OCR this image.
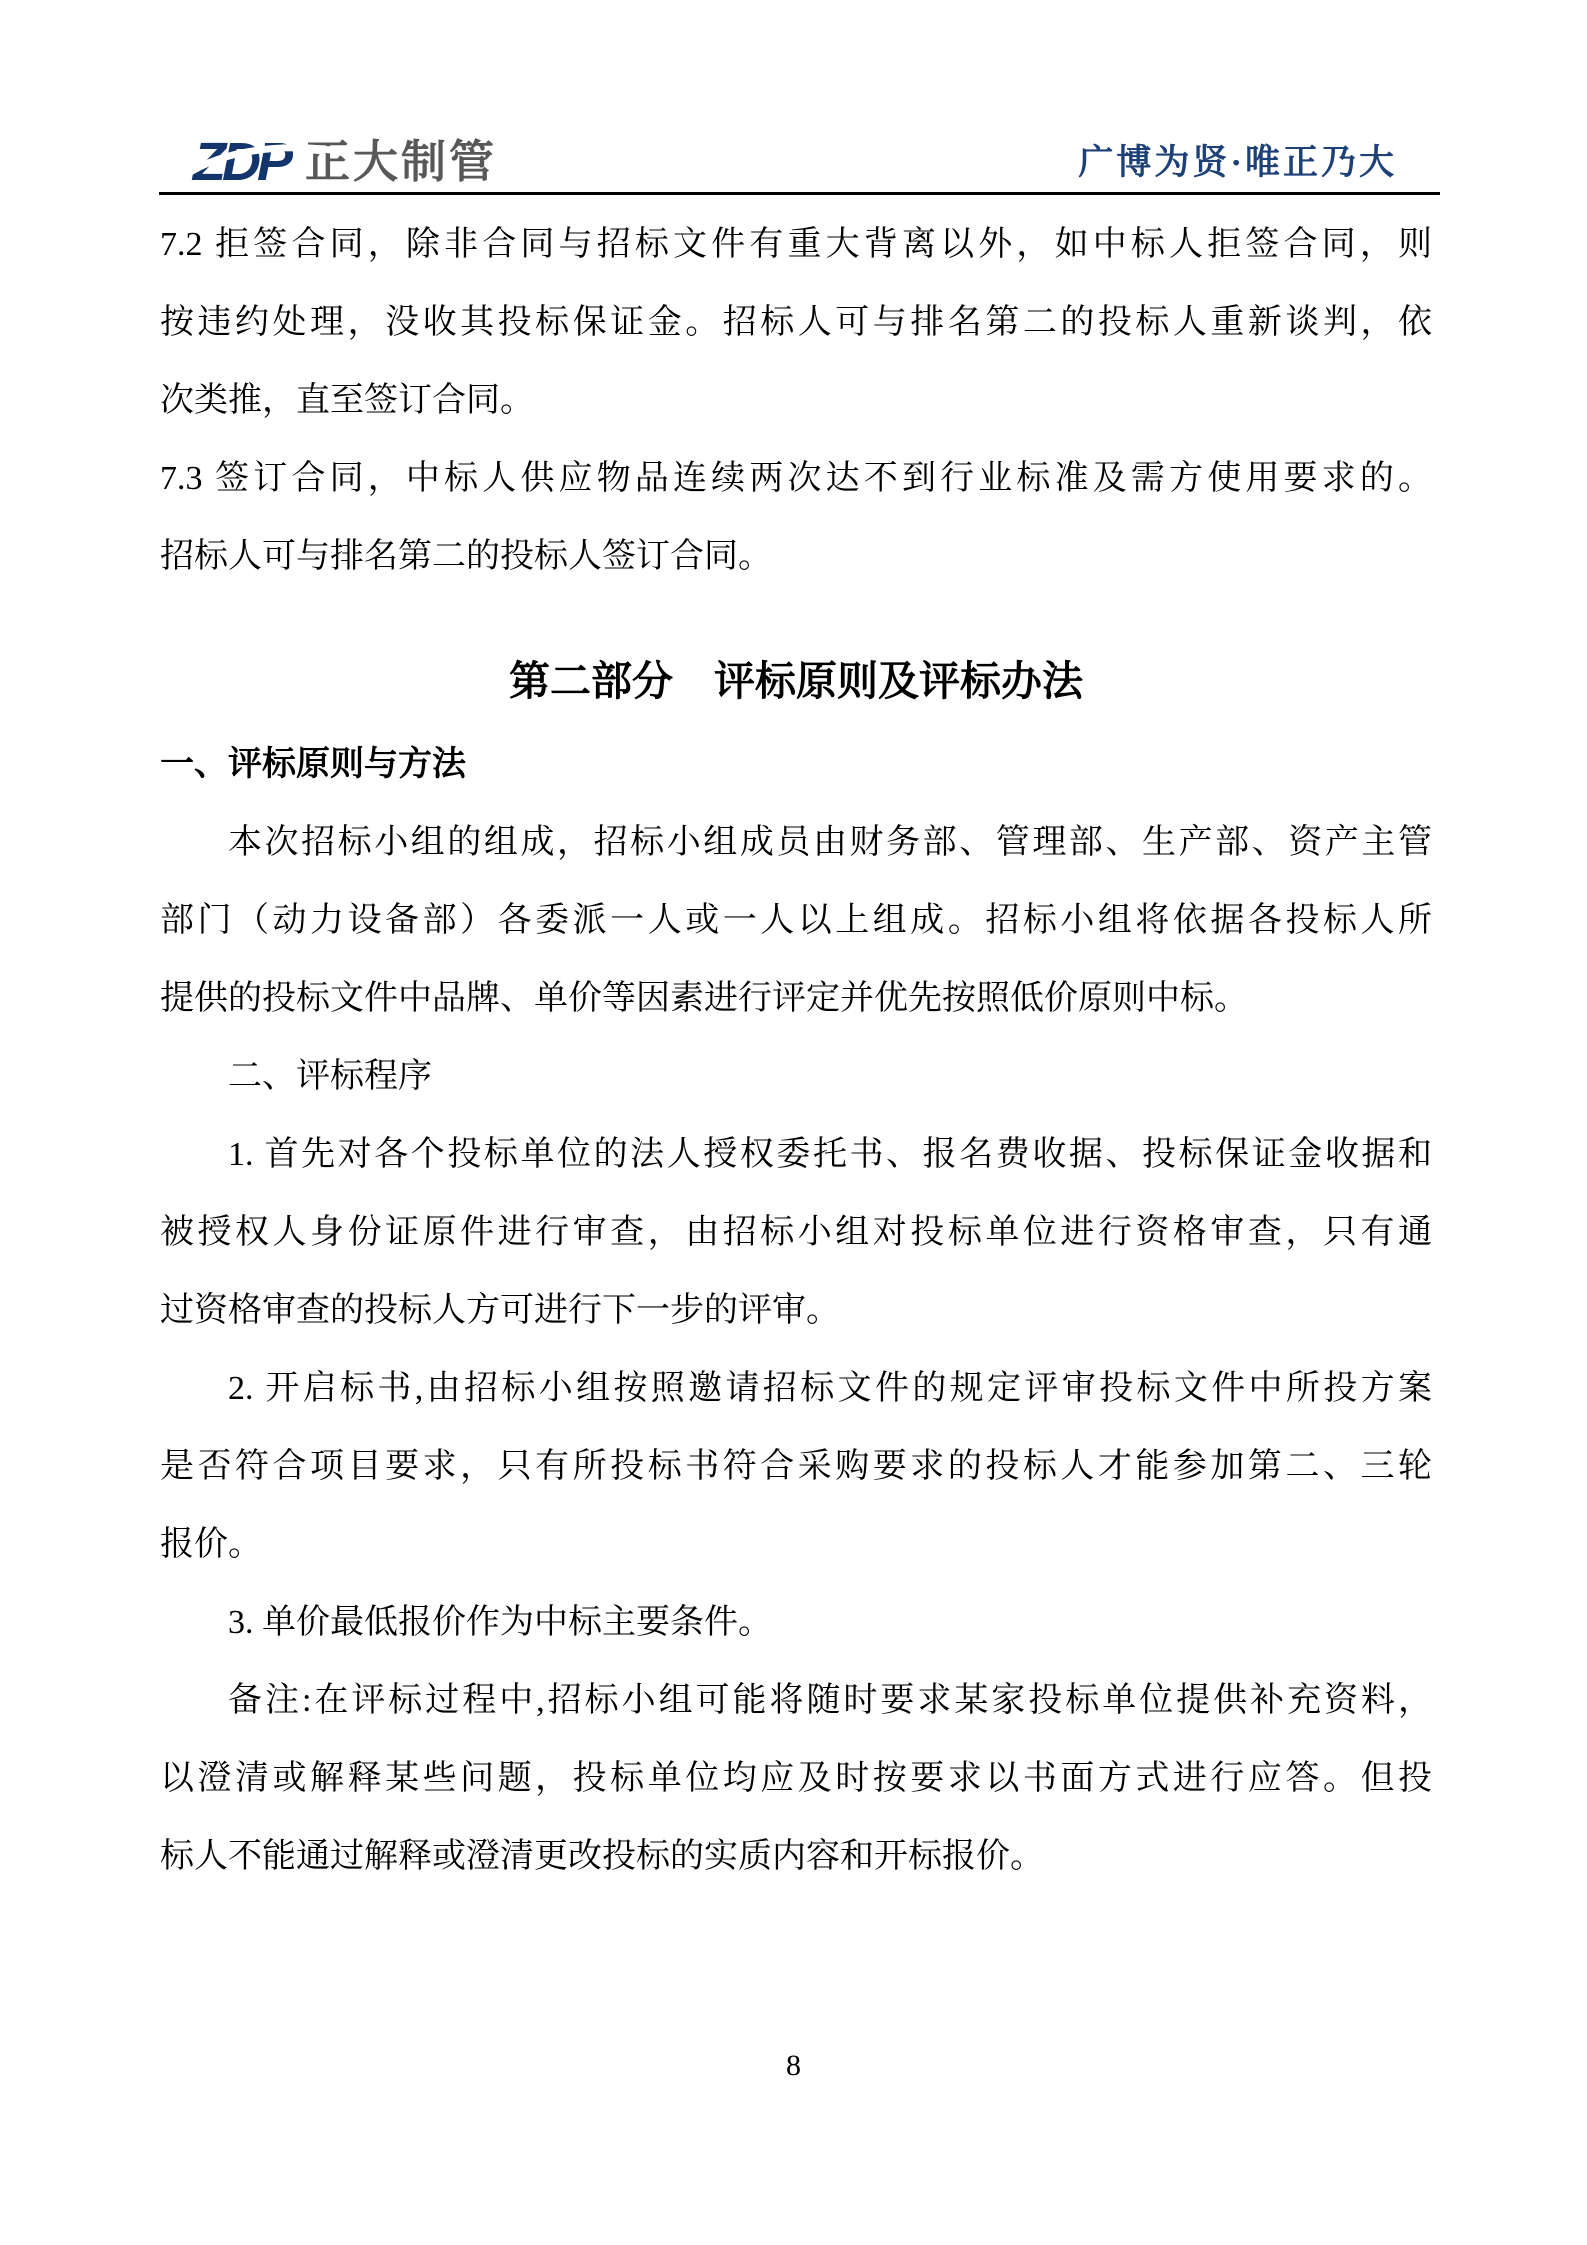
ZDP 正大制管	广博为贤·唯正乃大
7.2 拒签合同，除非合同与招标文件有重大背离以外，如中标人拒签合同，则
按违约处理，没收其投标保证金。招标人可与排名第二的投标人重新谈判，依
次类推，直至签订合同。
7.3 签订合同，中标人供应物品连续两次达不到行业标准及需方使用要求的。
招标人可与排名第二的投标人签订合同。
第二部分　评标原则及评标办法
一、评标原则与方法
本次招标小组的组成，招标小组成员由财务部、管理部、生产部、资产主管
部门（动力设备部）各委派一人或一人以上组成。招标小组将依据各投标人所
提供的投标文件中品牌、单价等因素进行评定并优先按照低价原则中标。
二、评标程序
1. 首先对各个投标单位的法人授权委托书、报名费收据、投标保证金收据和
被授权人身份证原件进行审查，由招标小组对投标单位进行资格审查，只有通
过资格审查的投标人方可进行下一步的评审。
2. 开启标书,由招标小组按照邀请招标文件的规定评审投标文件中所投方案
是否符合项目要求，只有所投标书符合采购要求的投标人才能参加第二、三轮
报价。
3. 单价最低报价作为中标主要条件。
备注:在评标过程中,招标小组可能将随时要求某家投标单位提供补充资料，
以澄清或解释某些问题，投标单位均应及时按要求以书面方式进行应答。但投
标人不能通过解释或澄清更改投标的实质内容和开标报价。
8
